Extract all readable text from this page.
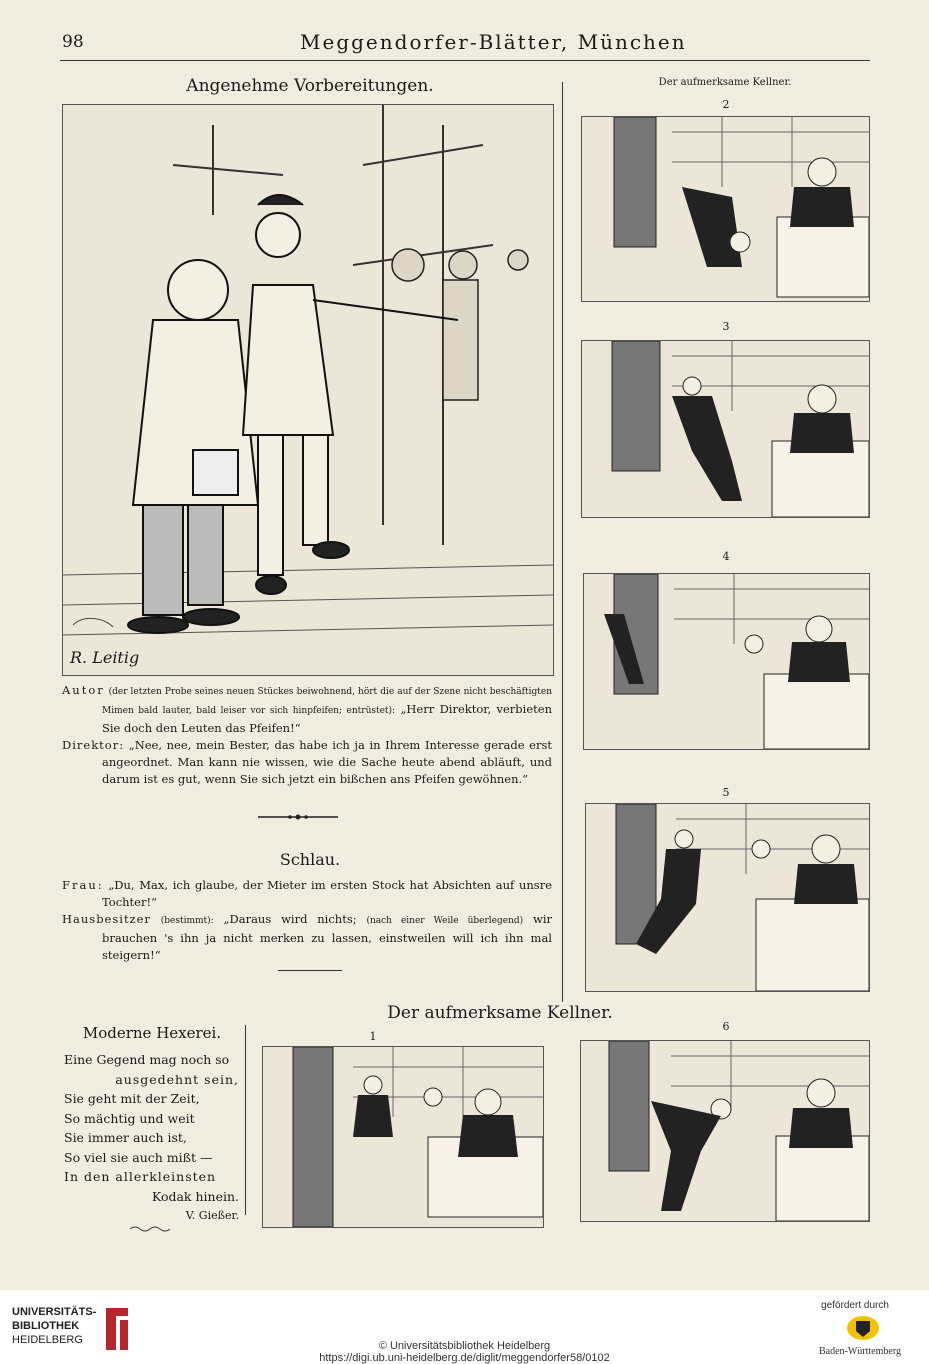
98	Meggendorfer-Blätter, München
Angenehme Vorbereitungen.
R. Leitig
Autor (der letzten Probe seines neuen Stückes beiwohnend, hört die auf der Szene nicht beschäftigten Mimen bald lauter, bald leiser vor sich hinpfeifen; entrüstet): „Herr Direktor, verbieten Sie doch den Leuten das Pfeifen!“
Direktor: „Nee, nee, mein Bester, das habe ich ja in Ihrem Interesse gerade erst angeordnet. Man kann nie wissen, wie die Sache heute abend abläuft, und darum ist es gut, wenn Sie sich jetzt ein bißchen ans Pfeifen gewöhnen.“
Schlau.
Frau: „Du, Max, ich glaube, der Mieter im ersten Stock hat Absichten auf unsre Tochter!“
Hausbesitzer (bestimmt): „Daraus wird nichts; (nach einer Weile überlegend) wir brauchen 's ihn ja nicht merken zu lassen, einstweilen will ich ihn mal steigern!“
Der aufmerksame Kellner.
Der aufmerksame Kellner.
Moderne Hexerei.
Eine Gegend mag noch so
ausgedehnt sein,
Sie geht mit der Zeit,
So mächtig und weit
Sie immer auch ist,
So viel sie auch mißt —
In den allerkleinsten
Kodak hinein.
V. Gießer.
1
2
3
4
5
6
UNIVERSITÄTS-
BIBLIOTHEK
HEIDELBERG	© Universitätsbibliothek Heidelberg
https://digi.ub.uni-heidelberg.de/diglit/meggendorfer58/0102
gefördert durch
Baden-Württemberg
